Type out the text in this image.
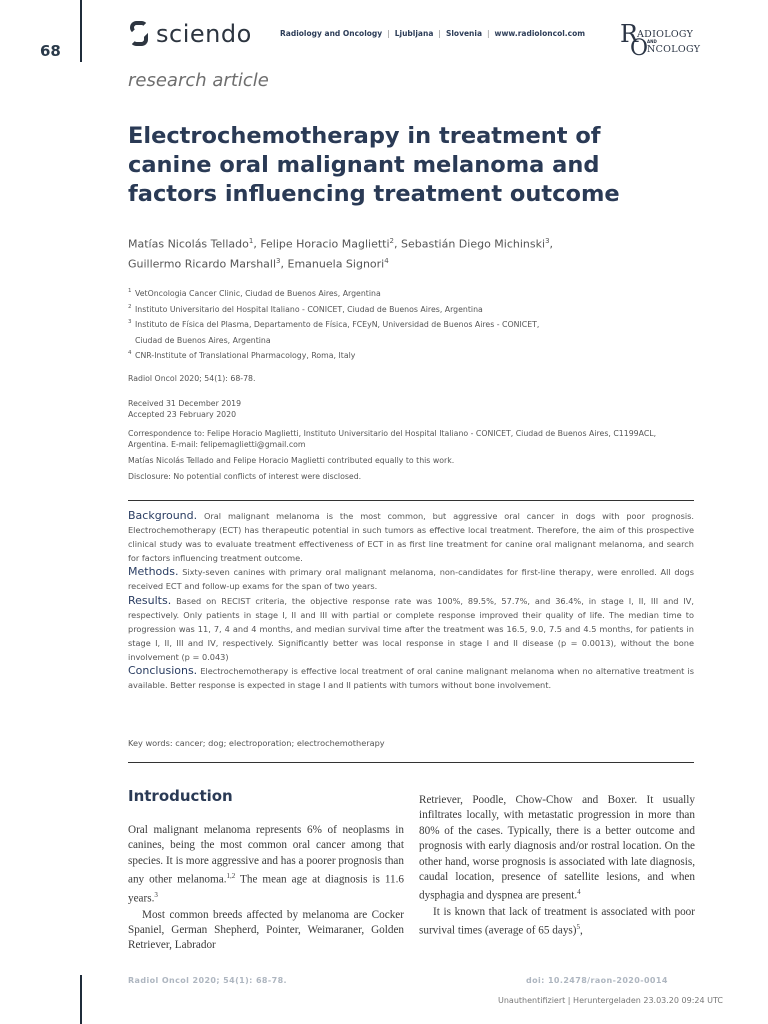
68
sciendo	Radiology and Oncology | Ljubljana | Slovenia | www.radioloncol.com R
ADIOLOGY
AND
O
NCOLOGY
research article
Electrochemotherapy in treatment of canine oral malignant melanoma and factors influencing treatment outcome
Matías Nicolás Tellado$^1$, Felipe Horacio Maglietti$^2$, Sebastián Diego Michinski$^3$,
Guillermo Ricardo Marshall$^3$, Emanuela Signori$^4$
1 VetOncologia Cancer Clinic, Ciudad de Buenos Aires, Argentina
2 Instituto Universitario del Hospital Italiano - CONICET, Ciudad de Buenos Aires, Argentina
3 Instituto de Física del Plasma, Departamento de Física, FCEyN, Universidad de Buenos Aires - CONICET,
Ciudad de Buenos Aires, Argentina
4 CNR-Institute of Translational Pharmacology, Roma, Italy
Radiol Oncol 2020; 54(1): 68-78.
Received 31 December 2019
Accepted 23 February 2020
Correspondence to: Felipe Horacio Maglietti, Instituto Universitario del Hospital Italiano - CONICET, Ciudad de Buenos Aires, C1199ACL, Argentina. E-mail: felipemaglietti@gmail.com
Matías Nicolás Tellado and Felipe Horacio Maglietti contributed equally to this work.
Disclosure: No potential conflicts of interest were disclosed.

Background. Oral malignant melanoma is the most common, but aggressive oral cancer in dogs with poor prognosis. Electrochemotherapy (ECT) has therapeutic potential in such tumors as effective local treatment. Therefore, the aim of this prospective clinical study was to evaluate treatment effectiveness of ECT in as first line treatment for canine oral malignant melanoma, and search for factors influencing treatment outcome.

Methods. Sixty-seven canines with primary oral malignant melanoma, non-candidates for first-line therapy, were enrolled. All dogs received ECT and follow-up exams for the span of two years.

Results. Based on RECIST criteria, the objective response rate was 100%, 89.5%, 57.7%, and 36.4%, in stage I, II, III and IV, respectively. Only patients in stage I, II and III with partial or complete response improved their quality of life. The median time to progression was 11, 7, 4 and 4 months, and median survival time after the treatment was 16.5, 9.0, 7.5 and 4.5 months, for patients in stage I, II, III and IV, respectively. Significantly better was local response in stage I and II disease (p = 0.0013), without the bone involvement (p = 0.043)

Conclusions. Electrochemotherapy is effective local treatment of oral canine malignant melanoma when no alternative treatment is available. Better response is expected in stage I and II patients with tumors without bone involvement.

Key words: cancer; dog; electroporation; electrochemotherapy
Introduction

Oral malignant melanoma represents 6% of neoplasms in canines, being the most common oral cancer among that species. It is more aggressive and has a poorer prognosis than any other melanoma.$^{1,2}$ The mean age at diagnosis is 11.6 years.$^3$

Most common breeds affected by melanoma are Cocker Spaniel, German Shepherd, Pointer, Weimaraner, Golden Retriever, Labrador

Retriever, Poodle, Chow-Chow and Boxer. It usually infiltrates locally, with metastatic progression in more than 80% of the cases. Typically, there is a better outcome and prognosis with early diagnosis and/or rostral location. On the other hand, worse prognosis is associated with late diagnosis, caudal location, presence of satellite lesions, and when dysphagia and dyspnea are present.$^4$

It is known that lack of treatment is associated with poor survival times (average of 65 days)$^5$,

Radiol Oncol 2020; 54(1): 68-78.	doi: 10.2478/raon-2020-0014
Unauthentifiziert | Heruntergeladen 23.03.20 09:24 UTC
